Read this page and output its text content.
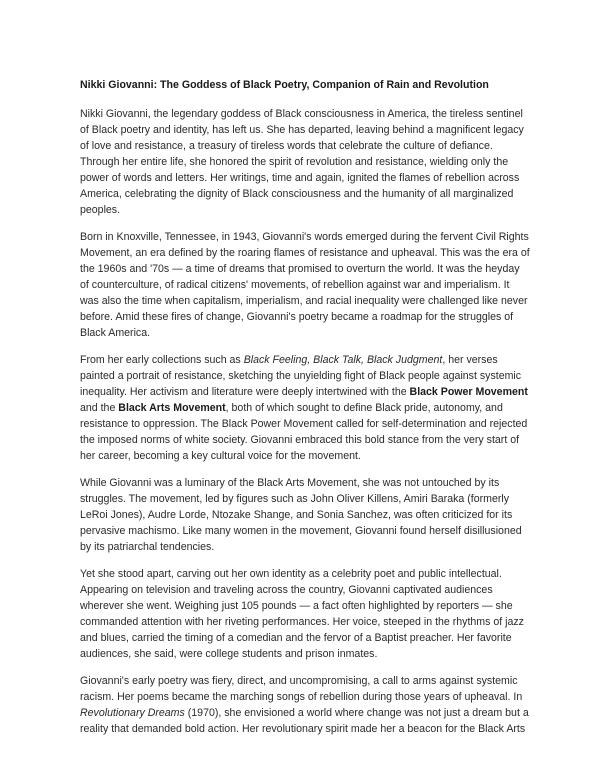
Nikki Giovanni: The Goddess of Black Poetry, Companion of Rain and Revolution

Nikki Giovanni, the legendary goddess of Black consciousness in America, the tireless sentinel of Black poetry and identity, has left us. She has departed, leaving behind a magnificent legacy of love and resistance, a treasury of tireless words that celebrate the culture of defiance. Through her entire life, she honored the spirit of revolution and resistance, wielding only the power of words and letters. Her writings, time and again, ignited the flames of rebellion across America, celebrating the dignity of Black consciousness and the humanity of all marginalized peoples.

Born in Knoxville, Tennessee, in 1943, Giovanni's words emerged during the fervent Civil Rights Movement, an era defined by the roaring flames of resistance and upheaval. This was the era of the 1960s and '70s — a time of dreams that promised to overturn the world. It was the heyday of counterculture, of radical citizens' movements, of rebellion against war and imperialism. It was also the time when capitalism, imperialism, and racial inequality were challenged like never before. Amid these fires of change, Giovanni's poetry became a roadmap for the struggles of Black America.

From her early collections such as Black Feeling, Black Talk, Black Judgment, her verses painted a portrait of resistance, sketching the unyielding fight of Black people against systemic inequality. Her activism and literature were deeply intertwined with the Black Power Movement and the Black Arts Movement, both of which sought to define Black pride, autonomy, and resistance to oppression. The Black Power Movement called for self-determination and rejected the imposed norms of white society. Giovanni embraced this bold stance from the very start of her career, becoming a key cultural voice for the movement.

While Giovanni was a luminary of the Black Arts Movement, she was not untouched by its struggles. The movement, led by figures such as John Oliver Killens, Amiri Baraka (formerly LeRoi Jones), Audre Lorde, Ntozake Shange, and Sonia Sanchez, was often criticized for its pervasive machismo. Like many women in the movement, Giovanni found herself disillusioned by its patriarchal tendencies.

Yet she stood apart, carving out her own identity as a celebrity poet and public intellectual. Appearing on television and traveling across the country, Giovanni captivated audiences wherever she went. Weighing just 105 pounds — a fact often highlighted by reporters — she commanded attention with her riveting performances. Her voice, steeped in the rhythms of jazz and blues, carried the timing of a comedian and the fervor of a Baptist preacher. Her favorite audiences, she said, were college students and prison inmates.

Giovanni's early poetry was fiery, direct, and uncompromising, a call to arms against systemic racism. Her poems became the marching songs of rebellion during those years of upheaval. In Revolutionary Dreams (1970), she envisioned a world where change was not just a dream but a reality that demanded bold action. Her revolutionary spirit made her a beacon for the Black Arts
